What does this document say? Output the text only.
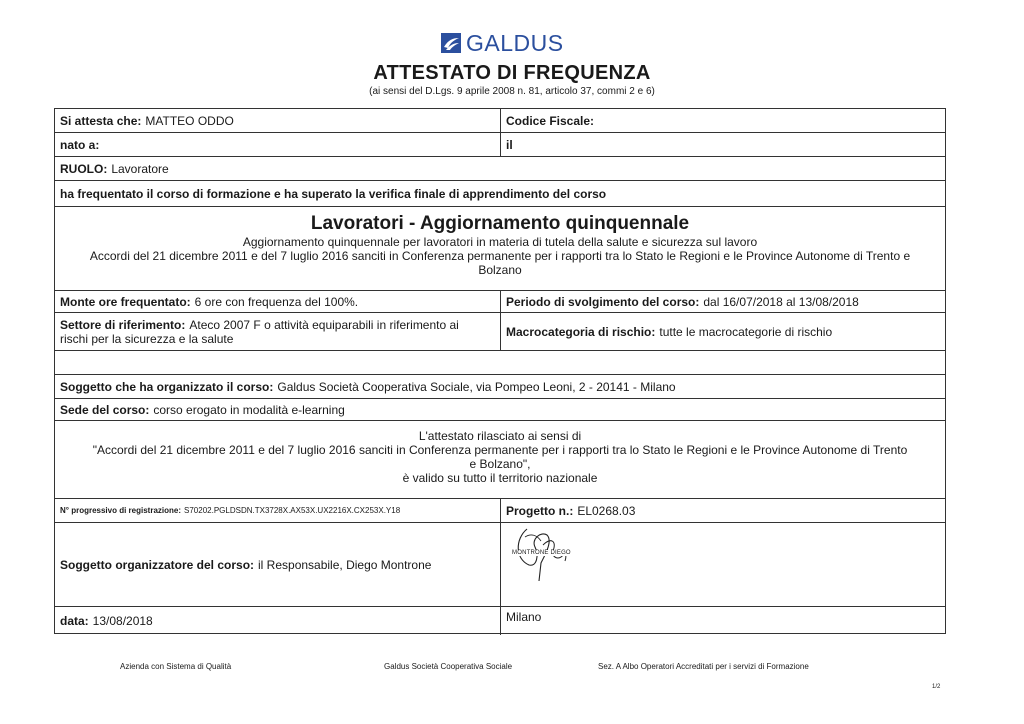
GALDUS
ATTESTATO DI FREQUENZA
(ai sensi del D.Lgs. 9 aprile 2008 n. 81, articolo 37, commi 2 e 6)
Si attesta che: MATTEO ODDO	Codice Fiscale:
nato a:	il
RUOLO: Lavoratore
ha frequentato il corso di formazione e ha superato la verifica finale di apprendimento del corso
Lavoratori - Aggiornamento quinquennale
Aggiornamento quinquennale per lavoratori in materia di tutela della salute e sicurezza sul lavoro
Accordi del 21 dicembre 2011 e del 7 luglio 2016 sanciti in Conferenza permanente per i rapporti tra lo Stato le Regioni e le Province Autonome di Trento e
Bolzano
Monte ore frequentato: 6 ore con frequenza del 100%.	Periodo di svolgimento del corso: dal 16/07/2018 al 13/08/2018
Settore di riferimento: Ateco 2007 F o attività equiparabili in riferimento ai
rischi per la sicurezza e la salute
Macrocategoria di rischio: tutte le macrocategorie di rischio
Soggetto che ha organizzato il corso: Galdus Società Cooperativa Sociale, via Pompeo Leoni, 2 - 20141 - Milano
Sede del corso: corso erogato in modalità e-learning
L'attestato rilasciato ai sensi di
"Accordi del 21 dicembre 2011 e del 7 luglio 2016 sanciti in Conferenza permanente per i rapporti tra lo Stato le Regioni e le Province Autonome di Trento
e Bolzano",
è valido su tutto il territorio nazionale
N° progressivo di registrazione: S70202.PGLDSDN.TX3728X.AX53X.UX2216X.CX253X.Y18	Progetto n.: EL0268.03
Soggetto organizzatore del corso: il Responsabile, Diego Montrone
MONTRONE DIEGO
data: 13/08/2018	Milano
Azienda con Sistema di Qualità	Galdus Società Cooperativa Sociale	Sez. A Albo Operatori Accreditati per i servizi di Formazione
1/2
